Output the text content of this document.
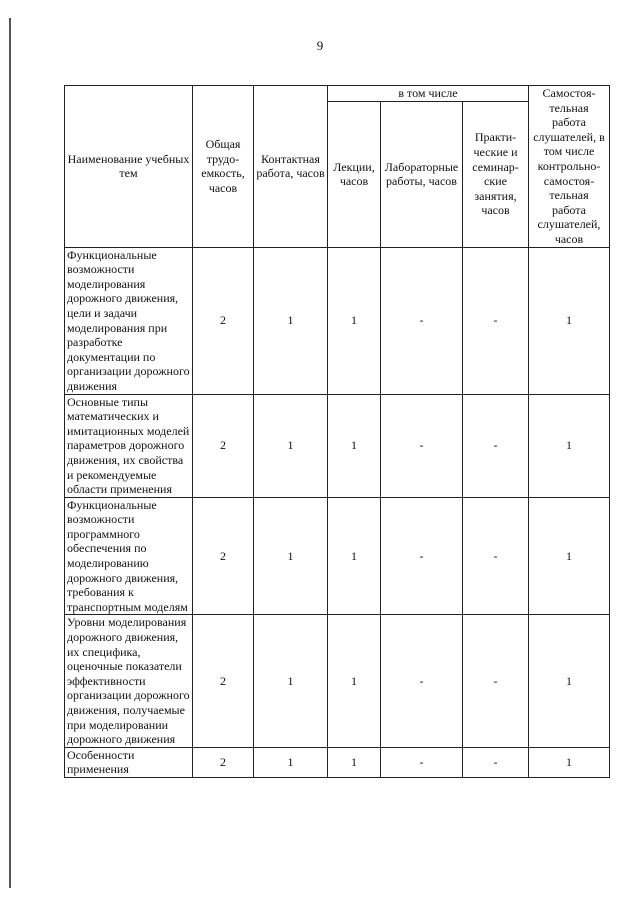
9
Наименование учебных тем	Общая трудо-емкость, часов	Контактная работа, часов	в том числе			Самостоя-тельная работа слушателей, в том числе контрольно-самостоя-тельная работа слушателей, часов
			Лекции, часов	Лабораторные работы, часов	Практи-ческие и семинар-ские занятия, часов	
Функциональные возможности моделирования дорожного движения, цели и задачи моделирования при разработке документации по организации дорожного движения	2	1	1	-	-	1
Основные типы математических и имитационных моделей параметров дорожного движения, их свойства и рекомендуемые области применения	2	1	1	-	-	1
Функциональные возможности программного обеспечения по моделированию дорожного движения, требования к транспортным моделям	2	1	1	-	-	1
Уровни моделирования дорожного движения, их специфика, оценочные показатели эффективности организации дорожного движения, получаемые при моделировании дорожного движения	2	1	1	-	-	1
Особенности применения	2	1	1	-	-	1
